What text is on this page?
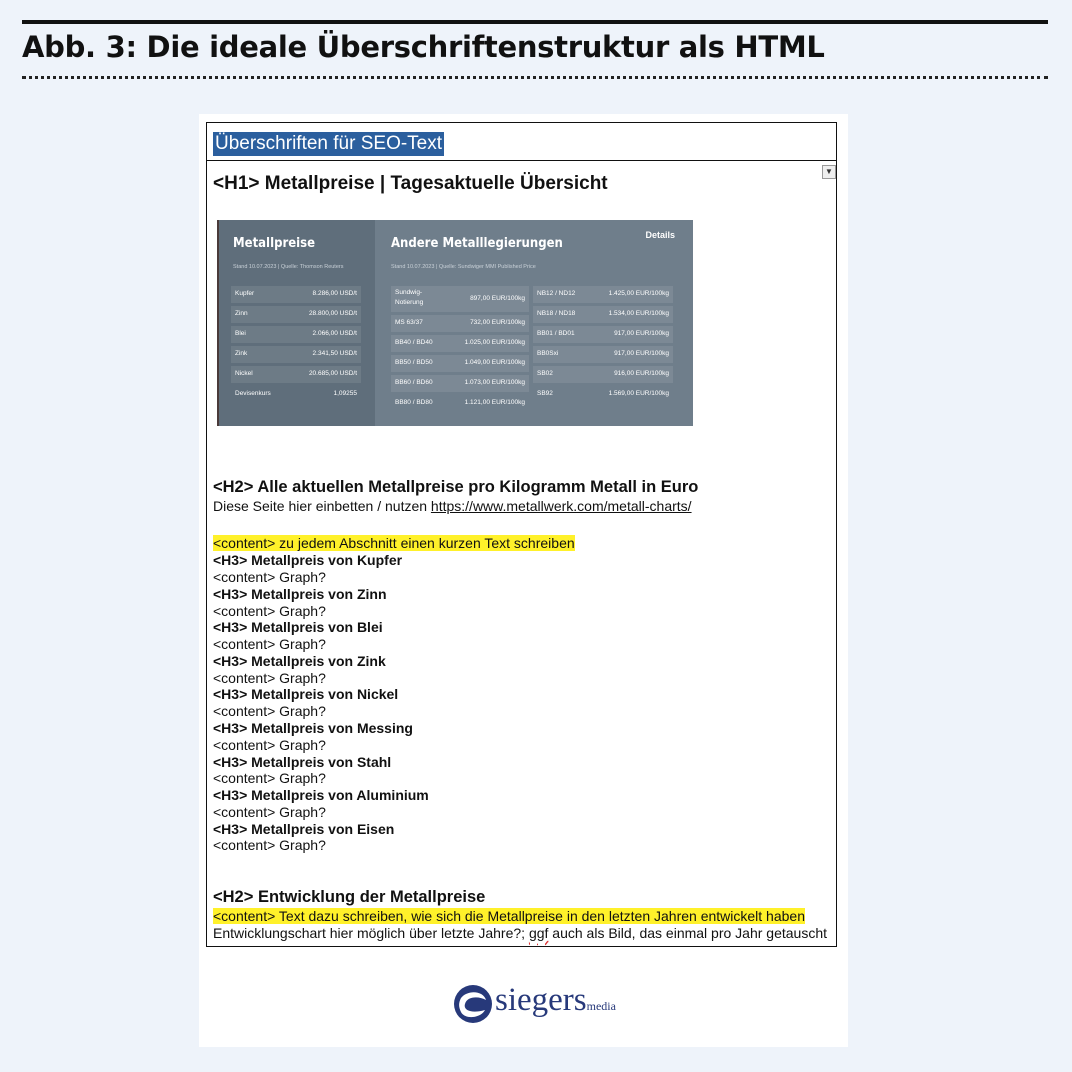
Abb. 3: Die ideale Überschriftenstruktur als HTML
Überschriften für SEO-Text
▼
<H1> Metallpreise | Tagesaktuelle Übersicht
Metallpreise
Stand 10.07.2023 | Quelle: Thomson Reuters
Andere Metalllegierungen
Stand 10.07.2023 | Quelle: Sundwiger MMI Published Price
Details
Kupfer	8.286,00 USD/t
Zinn	28.800,00 USD/t
Blei	2.066,00 USD/t
Zink	2.341,50 USD/t
Nickel	20.685,00 USD/t
Devisenkurs	1,09255
Sundwig-
Notierung
897,00 EUR/100kg
MS 63/37	732,00 EUR/100kg
BB40 / BD40	1.025,00 EUR/100kg
BB50 / BD50	1.049,00 EUR/100kg
BB60 / BD60	1.073,00 EUR/100kg
BB80 / BD80	1.121,00 EUR/100kg
NB12 / ND12	1.425,00 EUR/100kg
NB18 / ND18	1.534,00 EUR/100kg
BB01 / BD01	917,00 EUR/100kg
BB0Sxi	917,00 EUR/100kg
SB02	916,00 EUR/100kg
SB92	1.569,00 EUR/100kg
<H2> Alle aktuellen Metallpreise pro Kilogramm Metall in Euro
Diese Seite hier einbetten / nutzen https://www.metallwerk.com/metall-charts/
<content> zu jedem Abschnitt einen kurzen Text schreiben
<H3> Metallpreis von Kupfer
<content> Graph?
<H3> Metallpreis von Zinn
<content> Graph?
<H3> Metallpreis von Blei
<content> Graph?
<H3> Metallpreis von Zink
<content> Graph?
<H3> Metallpreis von Nickel
<content> Graph?
<H3> Metallpreis von Messing
<content> Graph?
<H3> Metallpreis von Stahl
<content> Graph?
<H3> Metallpreis von Aluminium
<content> Graph?
<H3> Metallpreis von Eisen
<content> Graph?
<H2> Entwicklung der Metallpreise
<content> Text dazu schreiben, wie sich die Metallpreise in den letzten Jahren entwickelt haben
Entwicklungschart hier möglich über letzte Jahre?; ggf auch als Bild, das einmal pro Jahr getauscht
siegersmedia
